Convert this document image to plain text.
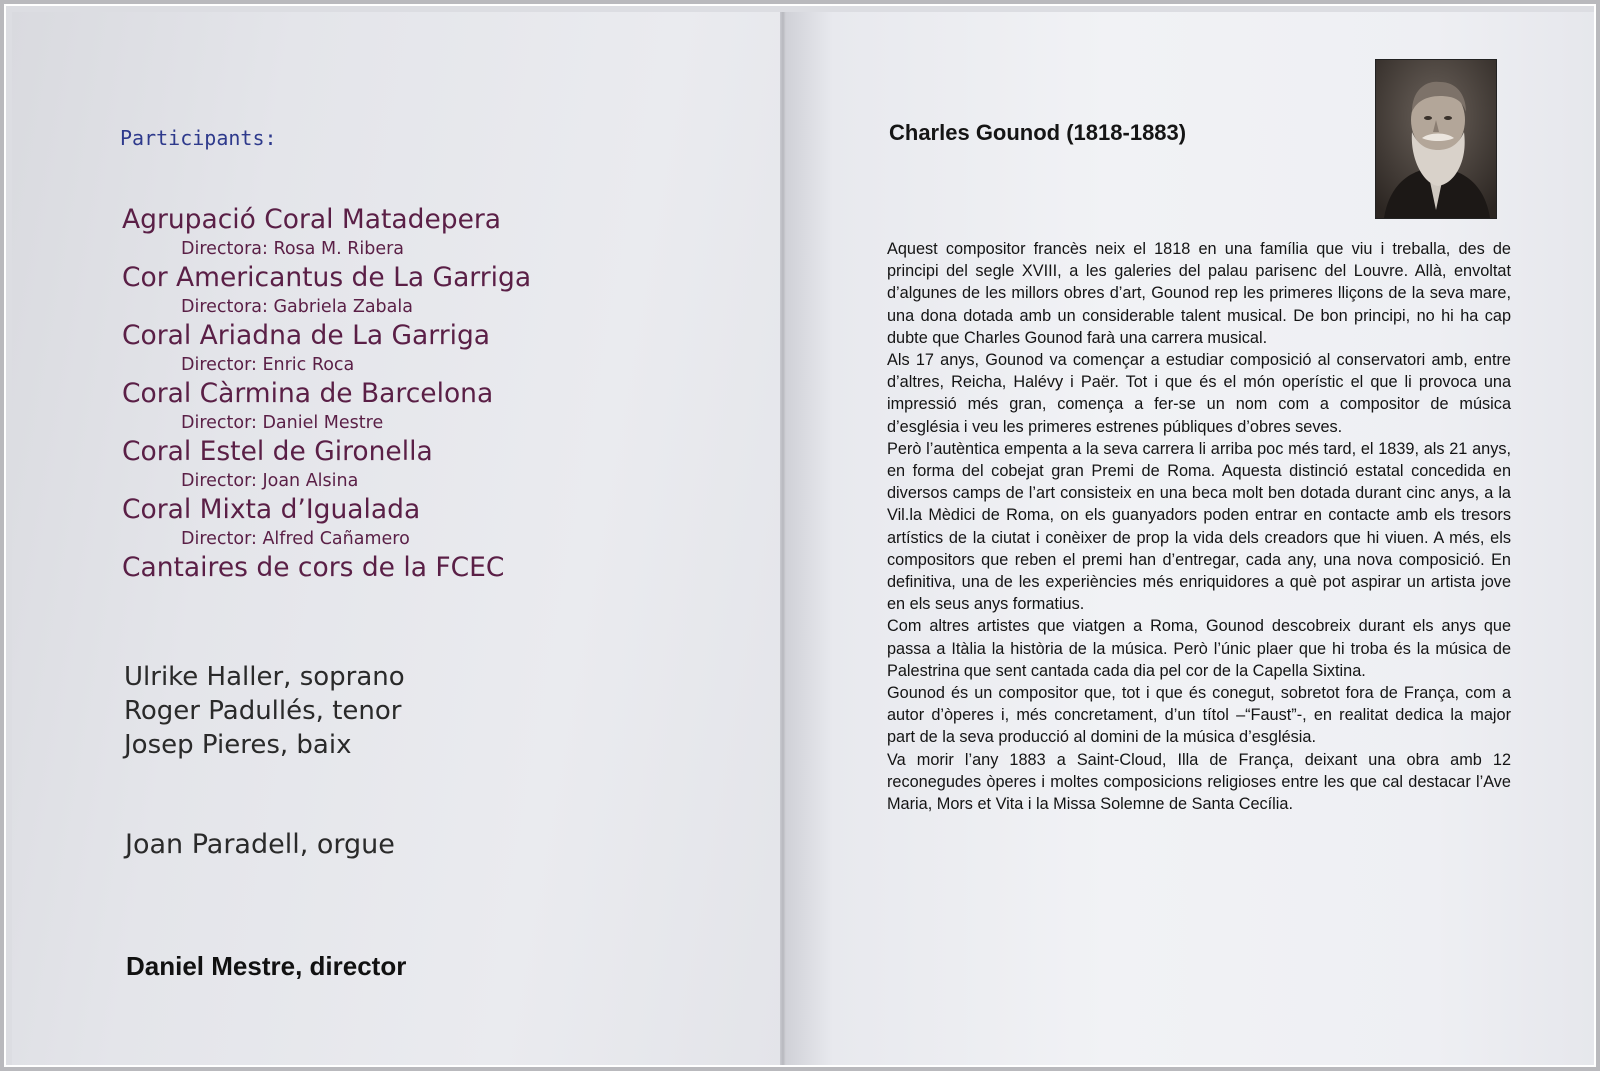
Participants:
Agrupació Coral Matadepera
Directora: Rosa M. Ribera
Cor Americantus de La Garriga
Directora: Gabriela Zabala
Coral Ariadna de La Garriga
Director: Enric Roca
Coral Càrmina de Barcelona
Director: Daniel Mestre
Coral Estel de Gironella
Director: Joan Alsina
Coral Mixta d’Igualada
Director: Alfred Cañamero
Cantaires de cors de la FCEC
Ulrike Haller, soprano
Roger Padullés, tenor
Josep Pieres, baix
Joan Paradell, orgue
Daniel Mestre, director
Charles Gounod (1818-1883)

Aquest compositor francès neix el 1818 en una família que viu i treballa, des de principi del segle XVIII, a les galeries del palau parisenc del Louvre. Allà, envoltat d’algunes de les millors obres d’art, Gounod rep les primeres lliçons de la seva mare, una dona dotada amb un considerable talent musical. De bon principi, no hi ha cap dubte que Charles Gounod farà una carrera musical.

Als 17 anys, Gounod va començar a estudiar composició al conservatori amb, entre d’altres, Reicha, Halévy i Paër. Tot i que és el món operístic el que li provoca una impressió més gran, comença a fer-se un nom com a compositor de música d’església i veu les primeres estrenes públiques d’obres seves.

Però l’autèntica empenta a la seva carrera li arriba poc més tard, el 1839, als 21 anys, en forma del cobejat gran Premi de Roma. Aquesta distinció estatal concedida en diversos camps de l’art consisteix en una beca molt ben dotada durant cinc anys, a la Vil.la Mèdici de Roma, on els guanyadors poden entrar en contacte amb els tresors artístics de la ciutat i conèixer de prop la vida dels creadors que hi viuen. A més, els compositors que reben el premi han d’entregar, cada any, una nova composició. En definitiva, una de les experiències més enriquidores a què pot aspirar un artista jove en els seus anys formatius.

Com altres artistes que viatgen a Roma, Gounod descobreix durant els anys que passa a Itàlia la història de la música. Però l’únic plaer que hi troba és la música de Palestrina que sent cantada cada dia pel cor de la Capella Sixtina.

Gounod és un compositor que, tot i que és conegut, sobretot fora de França, com a autor d’òperes i, més concretament, d’un títol –“Faust”-, en realitat dedica la major part de la seva producció al domini de la música d’església.

Va morir l’any 1883 a Saint-Cloud, Illa de França, deixant una obra amb 12 reconegudes òperes i moltes composicions religioses entre les que cal destacar l’Ave Maria, Mors et Vita i la Missa Solemne de Santa Cecília.
